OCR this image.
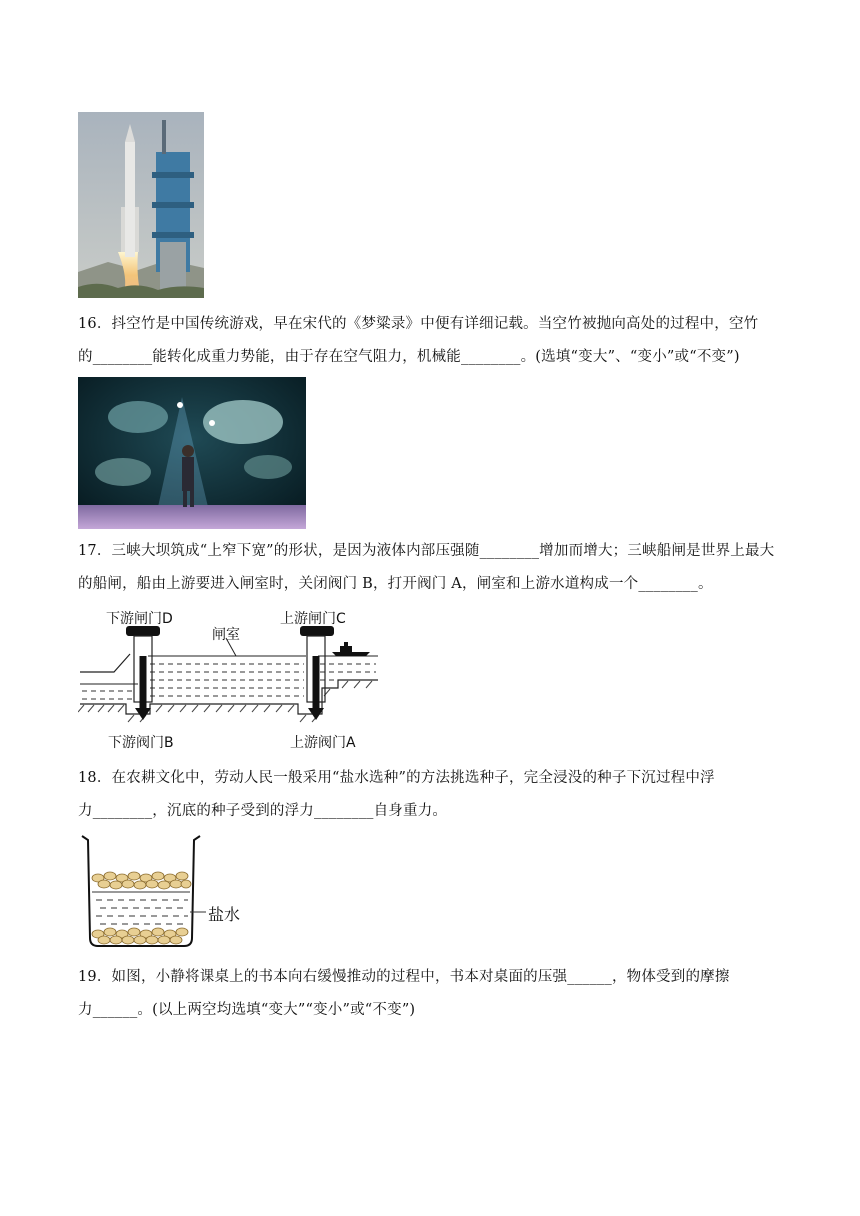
16．抖空竹是中国传统游戏，早在宋代的《梦粱录》中便有详细记载。当空竹被抛向高处的过程中，空竹
的________能转化成重力势能，由于存在空气阻力，机械能________。(选填“变大”、“变小”或“不变”)
17．三峡大坝筑成“上窄下宽”的形状，是因为液体内部压强随________增加而增大；三峡船闸是世界上最大
的船闸，船由上游要进入闸室时，关闭阀门 B，打开阀门 A，闸室和上游水道构成一个________。
下游闸门D	上游闸门C
闸室
下游阀门B	上游阀门A
18．在农耕文化中，劳动人民一般采用“盐水选种”的方法挑选种子，完全浸没的种子下沉过程中浮
力________，沉底的种子受到的浮力________自身重力。
盐水
19．如图，小静将课桌上的书本向右缓慢推动的过程中，书本对桌面的压强______，物体受到的摩擦
力______。(以上两空均选填“变大”“变小”或“不变”)
